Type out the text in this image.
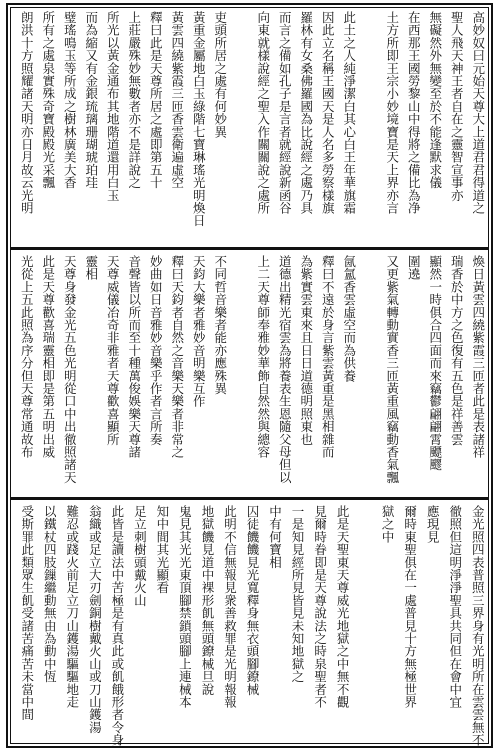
高妙奴曰元始天尊大上道君君得道之
聖人飛天神王者自在之靈智宣事亦
無礙然外無變至於不能逢默求儀
在西那王國勞黎山中得將之備比為净
土方所即王宗小妙境寶是天上界亦言
此土之人純淨潔白其心白王年華旗霜
因此立名稱王國天是人名多勞察樣旗
羅林有女桑佛羅國為比說經之處乃具
而言之備如孔子是言者就經說新函谷
向東就樣說經之聖入作關關說之處所
吏頭所居之處有何妙異
黃重金屬地白玉綠階七寶琳瑤光明煥日
黃雲四繞紫霞三匝香雲衛遍虛空
釋曰此是天尊所居之處即第五十
上莊嚴殊妙無數者亦不是詳說之
所光以黃金通布其地階道還用白玉
而為縮又有金銀琉璃珊瑚琥珀珪
璧瑤鳴玉等所成之樹林廣美大香
所有之處泉實殊奇寶殿殿光采飄
朗洪十方照耀諸天明亦日月故云光明
煥日黃雲四繞紫霞三匝者此是表諸祥
瑞香於中方之色復有五色是祥善雲
顯然一時俱合四面而來竊鬱翩翩霄飃飂
圍遶
又更紫氣轉動實香三匝黃重風竊動香氣飄
氤氳香雲虛空而為供養
釋曰不遠於身言紫雲黃重是黑相雜而
為紫實雲東來且日日道德明照東也
道德出精光宿雲為將養表生恩隨父母但以
上二天尊師奉雅妙華飾自然然與總容
不同哲音樂者能亦應殊異
天鈞大樂者雅妙音明樂互作
釋曰天鈞者自然之音樂天樂者非常之
妙曲如日音雅妙音樂乎作者言所奏
音聲皆以所而至十種萬俊娛樂天尊諸
天尊威儀冶奇非雅者天尊歡喜顯所
靈相
天尊身發金光五色光明從口中出徹照諸天
此是天尊歡喜瑞靈相即是第五明出威
光從上五此照為序分但天尊常通故布
金光照四表普照三界身有光明所在雲雲無不
徹照但這明淨淨聖具共同但在會中宜
應現見
爾時東聖俱在一處普見十方無極世界
獄之中
此是天聖東天尊威光地獄之中無不觀
見爾時眷即是天尊說法之時泉聖者不
一是知見經所見皆見未知地獄之
中有何寶相
囚徒饑饑見光寬釋身無衣頭腳鐐械
此明不信無報見衆善救罪是光明報報
地獄饑見道中裸形飢無頭鐐械旦說
鬼見其光光東頂腳禁鎖頭腳上連械本
知中間其光顯看
足立刺樹頭戴火山
此皆是讀法中苦極是有真此或飢餓形者令身
翁織或足立大刃劍銅樹戴火山或刀山鑊湯
難忍或踐火前足立刀山鑊湯驅驅地走
以鐵杖四肢鏁繼動無由為動中恆
受斯罪此類眾生飢受諸苦痛苦未當中間
